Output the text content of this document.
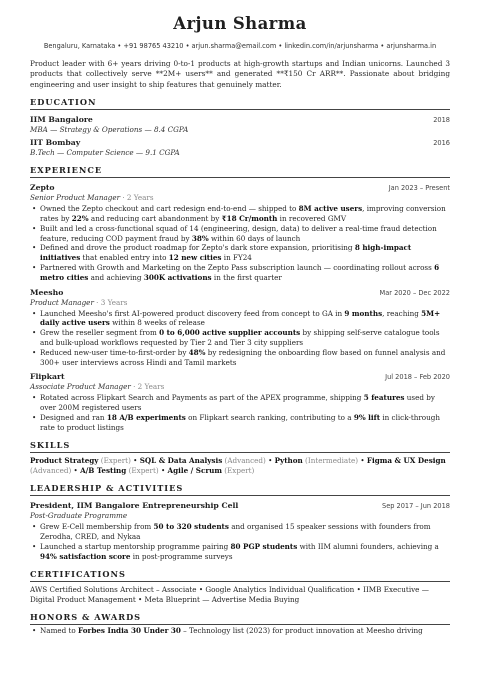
Arjun Sharma
Bengaluru, Karnataka • +91 98765 43210 • arjun.sharma@email.com • linkedin.com/in/arjunsharma • arjunsharma.in
Product leader with 6+ years driving 0-to-1 products at high-growth startups and Indian unicorns. Launched 3 products that collectively serve **2M+ users** and generated **₹150 Cr ARR**. Passionate about bridging engineering and user insight to ship features that genuinely matter.
EDUCATION
IIM Bangalore	2018
MBA — Strategy & Operations — 8.4 CGPA
IIT Bombay	2016
B.Tech — Computer Science — 9.1 CGPA
EXPERIENCE
Zepto	Jan 2023 – Present
Senior Product Manager · 2 Years
• Owned the Zepto checkout and cart redesign end-to-end — shipped to 8M active users, improving conversion rates by 22% and reducing cart abandonment by ₹18 Cr/month in recovered GMV
• Built and led a cross-functional squad of 14 (engineering, design, data) to deliver a real-time fraud detection feature, reducing COD payment fraud by 38% within 60 days of launch
• Defined and drove the product roadmap for Zepto's dark store expansion, prioritising 8 high-impact initiatives that enabled entry into 12 new cities in FY24
• Partnered with Growth and Marketing on the Zepto Pass subscription launch — coordinating rollout across 6 metro cities and achieving 300K activations in the first quarter
Meesho	Mar 2020 – Dec 2022
Product Manager · 3 Years
• Launched Meesho's first AI-powered product discovery feed from concept to GA in 9 months, reaching 5M+ daily active users within 8 weeks of release
• Grew the reseller segment from 0 to 6,000 active supplier accounts by shipping self-serve catalogue tools and bulk-upload workflows requested by Tier 2 and Tier 3 city suppliers
• Reduced new-user time-to-first-order by 48% by redesigning the onboarding flow based on funnel analysis and 300+ user interviews across Hindi and Tamil markets
Flipkart	Jul 2018 – Feb 2020
Associate Product Manager · 2 Years
• Rotated across Flipkart Search and Payments as part of the APEX programme, shipping 5 features used by over 200M registered users
• Designed and ran 18 A/B experiments on Flipkart search ranking, contributing to a 9% lift in click-through rate to product listings
SKILLS
Product Strategy (Expert) • SQL & Data Analysis (Advanced) • Python (Intermediate) • Figma & UX Design (Advanced) • A/B Testing (Expert) • Agile / Scrum (Expert)
LEADERSHIP & ACTIVITIES
President, IIM Bangalore Entrepreneurship Cell	Sep 2017 – Jun 2018
Post-Graduate Programme
• Grew E-Cell membership from 50 to 320 students and organised 15 speaker sessions with founders from Zerodha, CRED, and Nykaa
• Launched a startup mentorship programme pairing 80 PGP students with IIM alumni founders, achieving a 94% satisfaction score in post-programme surveys
CERTIFICATIONS
AWS Certified Solutions Architect – Associate • Google Analytics Individual Qualification • IIMB Executive — Digital Product Management • Meta Blueprint — Advertise Media Buying
HONORS & AWARDS
• Named to Forbes India 30 Under 30 – Technology list (2023) for product innovation at Meesho driving
